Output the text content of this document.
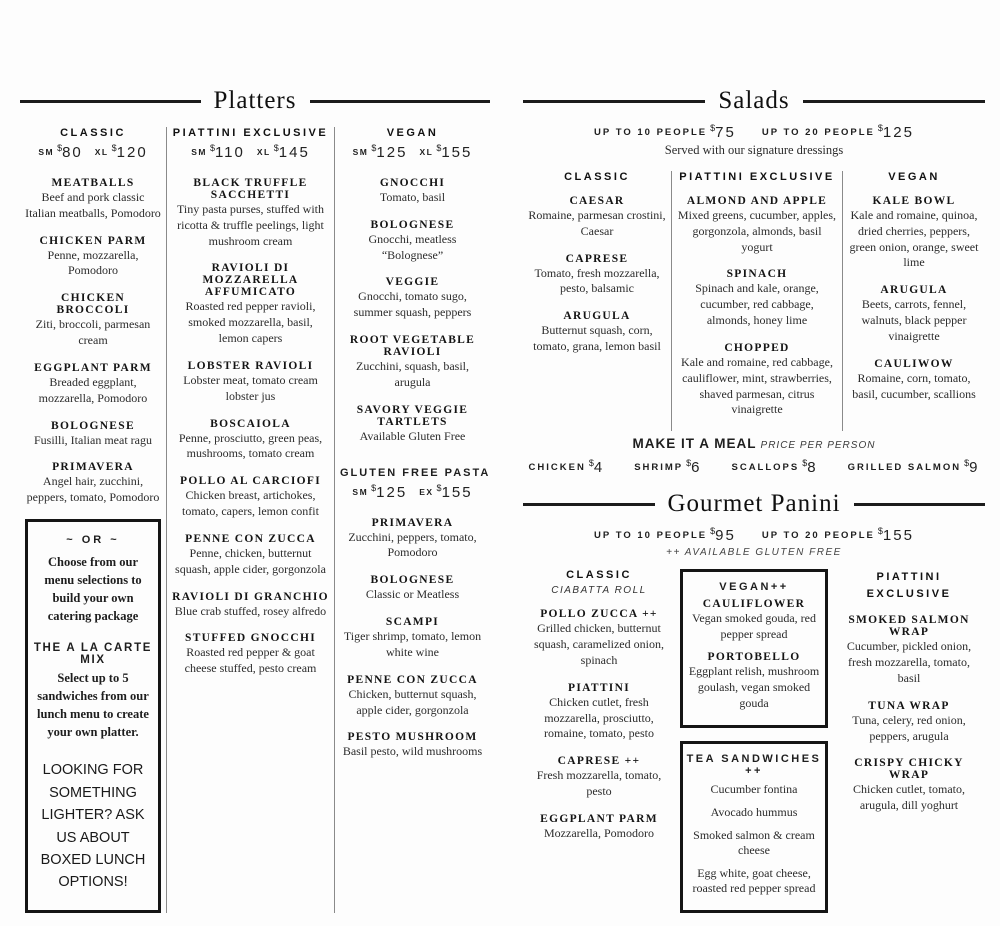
Platters
CLASSIC
SM $80 XL $120
MEATBALLS
Beef and pork classic Italian meatballs, Pomodoro
CHICKEN PARM
Penne, mozzarella, Pomodoro
CHICKEN BROCCOLI
Ziti, broccoli, parmesan cream
EGGPLANT PARM
Breaded eggplant, mozzarella, Pomodoro
BOLOGNESE
Fusilli, Italian meat ragu
PRIMAVERA
Angel hair, zucchini, peppers, tomato, Pomodoro
~ OR ~
Choose from our menu selections to build your own catering package
THE A LA CARTE MIX
Select up to 5 sandwiches from our lunch menu to create your own platter.
LOOKING FOR SOMETHING LIGHTER? ASK US ABOUT BOXED LUNCH OPTIONS!
PIATTINI EXCLUSIVE
SM $110 XL $145
BLACK TRUFFLE SACCHETTI
Tiny pasta purses, stuffed with ricotta & truffle peelings, light mushroom cream
RAVIOLI DI MOZZARELLA AFFUMICATO
Roasted red pepper ravioli, smoked mozzarella, basil, lemon capers
LOBSTER RAVIOLI
Lobster meat, tomato cream lobster jus
BOSCAIOLA
Penne, prosciutto, green peas, mushrooms, tomato cream
POLLO AL CARCIOFI
Chicken breast, artichokes, tomato, capers, lemon confit
PENNE CON ZUCCA
Penne, chicken, butternut squash, apple cider, gorgonzola
RAVIOLI DI GRANCHIO
Blue crab stuffed, rosey alfredo
STUFFED GNOCCHI
Roasted red pepper & goat cheese stuffed, pesto cream
VEGAN
SM $125 XL $155
GNOCCHI
Tomato, basil
BOLOGNESE
Gnocchi, meatless “Bolognese”
VEGGIE
Gnocchi, tomato sugo, summer squash, peppers
ROOT VEGETABLE RAVIOLI
Zucchini, squash, basil, arugula
SAVORY VEGGIE TARTLETS
Available Gluten Free
GLUTEN FREE PASTA
SM $125 EX $155
PRIMAVERA
Zucchini, peppers, tomato, Pomodoro
BOLOGNESE
Classic or Meatless
SCAMPI
Tiger shrimp, tomato, lemon white wine
PENNE CON ZUCCA
Chicken, butternut squash, apple cider, gorgonzola
PESTO MUSHROOM
Basil pesto, wild mushrooms
Salads
UP TO 10 PEOPLE $75	UP TO 20 PEOPLE $125
Served with our signature dressings
CLASSIC
CAESAR
Romaine, parmesan crostini, Caesar
CAPRESE
Tomato, fresh mozzarella, pesto, balsamic
ARUGULA
Butternut squash, corn, tomato, grana, lemon basil
PIATTINI EXCLUSIVE
ALMOND AND APPLE
Mixed greens, cucumber, apples, gorgonzola, almonds, basil yogurt
SPINACH
Spinach and kale, orange, cucumber, red cabbage, almonds, honey lime
CHOPPED
Kale and romaine, red cabbage, cauliflower, mint, strawberries, shaved parmesan, citrus vinaigrette
VEGAN
KALE BOWL
Kale and romaine, quinoa, dried cherries, peppers, green onion, orange, sweet lime
ARUGULA
Beets, carrots, fennel, walnuts, black pepper vinaigrette
CAULIWOW
Romaine, corn, tomato, basil, cucumber, scallions
MAKE IT A MEAL PRICE PER PERSON
CHICKEN $4	SHRIMP $6	SCALLOPS $8	GRILLED SALMON $9
Gourmet Panini
UP TO 10 PEOPLE $95	UP TO 20 PEOPLE $155
++ AVAILABLE GLUTEN FREE
CLASSIC
CIABATTA ROLL
POLLO ZUCCA ++
Grilled chicken, butternut squash, caramelized onion, spinach
PIATTINI
Chicken cutlet, fresh mozzarella, prosciutto, romaine, tomato, pesto
CAPRESE ++
Fresh mozzarella, tomato, pesto
EGGPLANT PARM
Mozzarella, Pomodoro
VEGAN++
CAULIFLOWER
Vegan smoked gouda, red pepper spread
PORTOBELLO
Eggplant relish, mushroom goulash, vegan smoked gouda
TEA SANDWICHES ++
Cucumber fontina
Avocado hummus
Smoked salmon & cream cheese
Egg white, goat cheese, roasted red pepper spread
PIATTINI EXCLUSIVE
SMOKED SALMON WRAP
Cucumber, pickled onion, fresh mozzarella, tomato, basil
TUNA WRAP
Tuna, celery, red onion, peppers, arugula
CRISPY CHICKY WRAP
Chicken cutlet, tomato, arugula, dill yoghurt
